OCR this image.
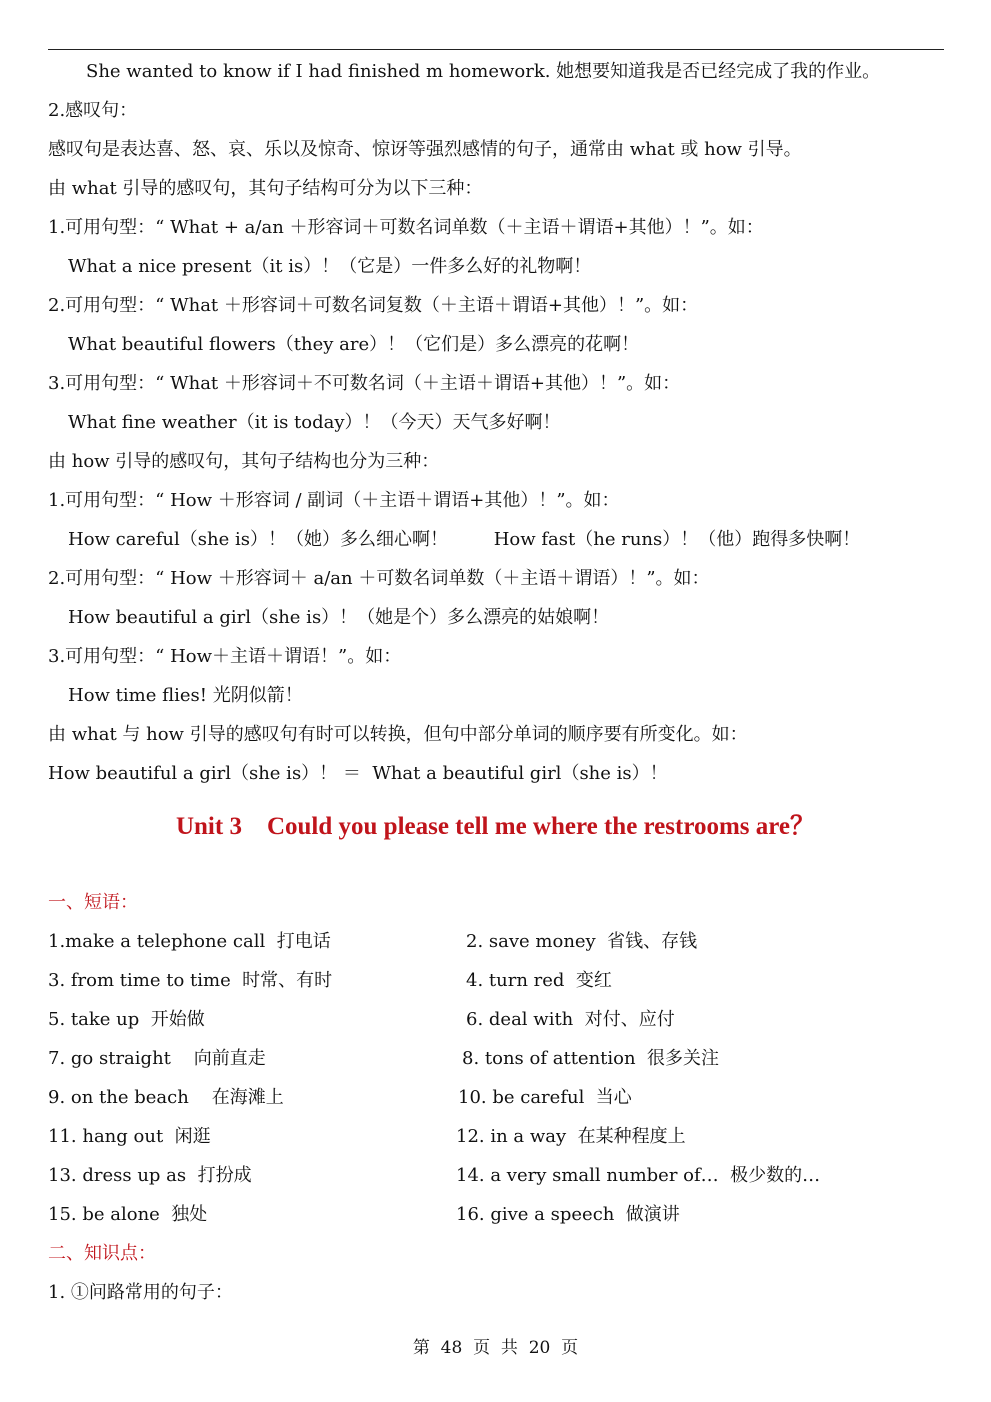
She wanted to know if I had finished m homework. 她想要知道我是否已经完成了我的作业。
2.感叹句：
感叹句是表达喜、怒、哀、乐以及惊奇、惊讶等强烈感情的句子，通常由 what 或 how 引导。
由 what 引导的感叹句，其句子结构可分为以下三种：
1.可用句型：“ What + a/an ＋形容词＋可数名词单数（＋主语＋谓语+其他）！”。如：
What a nice present（it is）！（它是）一件多么好的礼物啊！
2.可用句型：“ What ＋形容词＋可数名词复数（＋主语＋谓语+其他）！”。如：
What beautiful flowers（they are）！（它们是）多么漂亮的花啊！
3.可用句型：“ What ＋形容词＋不可数名词（＋主语＋谓语+其他）！”。如：
What fine weather（it is today）！（今天）天气多好啊！
由 how 引导的感叹句，其句子结构也分为三种：
1.可用句型：“ How ＋形容词 / 副词（＋主语＋谓语+其他）！”。如：
How careful（she is）！（她）多么细心啊！        How fast（he runs）！（他）跑得多快啊！
2.可用句型：“ How ＋形容词＋ a/an ＋可数名词单数（＋主语＋谓语）！”。如：
How beautiful a girl（she is）！（她是个）多么漂亮的姑娘啊！
3.可用句型：“ How＋主语＋谓语！”。如：
How time flies! 光阴似箭！
由 what 与 how 引导的感叹句有时可以转换，但句中部分单词的顺序要有所变化。如：
How beautiful a girl（she is）！ ＝  What a beautiful girl（she is）！
Unit 3    Could you please tell me where the restrooms are？
一、短语：
1.make a telephone call  打电话	2. save money  省钱、存钱
3. from time to time  时常、有时	4. turn red  变红
5. take up  开始做	6. deal with  对付、应付
7. go straight    向前直走	8. tons of attention  很多关注
9. on the beach    在海滩上	10. be careful  当心
11. hang out  闲逛	12. in a way  在某种程度上
13. dress up as  打扮成	14. a very small number of…  极少数的…
15. be alone  独处	16. give a speech  做演讲
二、知识点：
1. ①问路常用的句子：
第  48  页  共  20  页
